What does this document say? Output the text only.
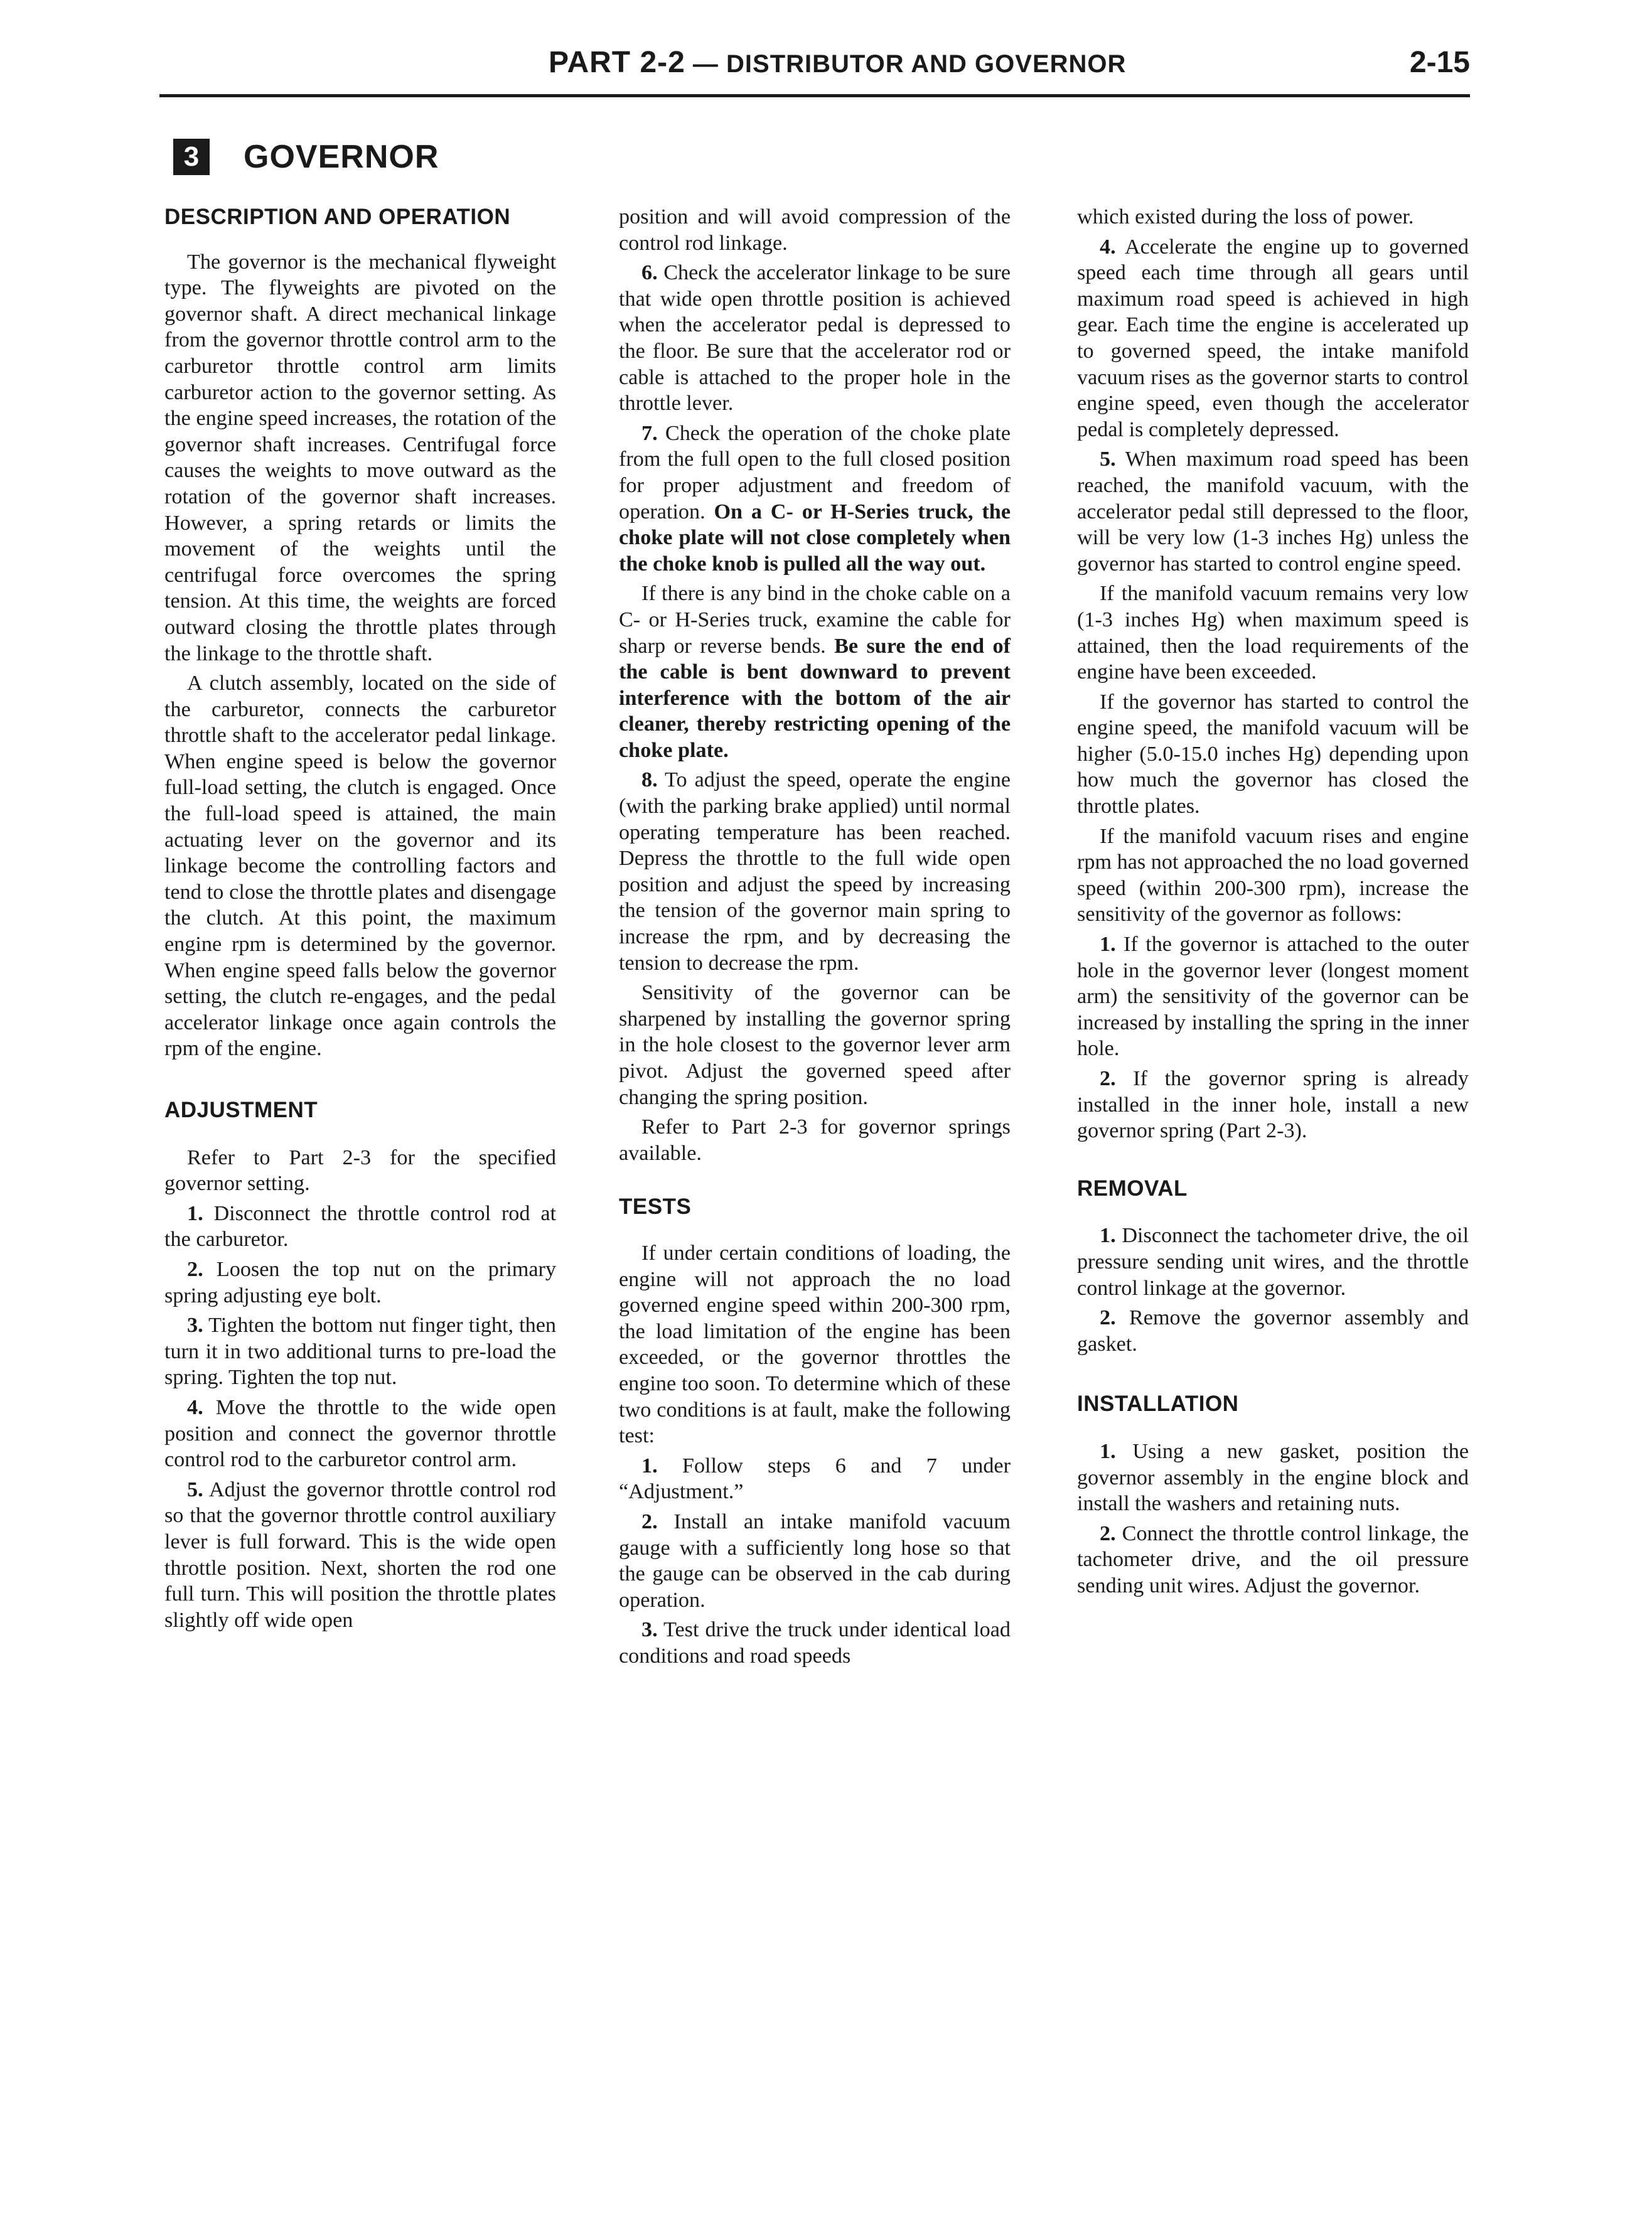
PART 2-2 — DISTRIBUTOR AND GOVERNOR	2-15
3	GOVERNOR
DESCRIPTION AND OPERATION

The governor is the mechanical flyweight type. The flyweights are pivoted on the governor shaft. A direct mechanical linkage from the governor throttle control arm to the carburetor throttle control arm limits carburetor action to the governor setting. As the engine speed increases, the rotation of the governor shaft increases. Centrifugal force causes the weights to move outward as the rotation of the governor shaft increases. However, a spring retards or limits the movement of the weights until the centrifugal force overcomes the spring tension. At this time, the weights are forced outward closing the throttle plates through the linkage to the throttle shaft.

A clutch assembly, located on the side of the carburetor, connects the carburetor throttle shaft to the accelerator pedal linkage. When engine speed is below the governor full-load setting, the clutch is engaged. Once the full-load speed is attained, the main actuating lever on the governor and its linkage become the controlling factors and tend to close the throttle plates and disengage the clutch. At this point, the maximum engine rpm is determined by the governor. When engine speed falls below the governor setting, the clutch re-engages, and the pedal accelerator linkage once again controls the rpm of the engine.

ADJUSTMENT

Refer to Part 2-3 for the specified governor setting.

1. Disconnect the throttle control rod at the carburetor.

2. Loosen the top nut on the primary spring adjusting eye bolt.

3. Tighten the bottom nut finger tight, then turn it in two additional turns to pre-load the spring. Tighten the top nut.

4. Move the throttle to the wide open position and connect the governor throttle control rod to the carburetor control arm.

5. Adjust the governor throttle control rod so that the governor throttle control auxiliary lever is full forward. This is the wide open throttle position. Next, shorten the rod one full turn. This will position the throttle plates slightly off wide open

position and will avoid compression of the control rod linkage.

6. Check the accelerator linkage to be sure that wide open throttle position is achieved when the accelerator pedal is depressed to the floor. Be sure that the accelerator rod or cable is attached to the proper hole in the throttle lever.

7. Check the operation of the choke plate from the full open to the full closed position for proper adjustment and freedom of operation. On a C- or H-Series truck, the choke plate will not close completely when the choke knob is pulled all the way out.

If there is any bind in the choke cable on a C- or H-Series truck, examine the cable for sharp or reverse bends. Be sure the end of the cable is bent downward to prevent interference with the bottom of the air cleaner, thereby restricting opening of the choke plate.

8. To adjust the speed, operate the engine (with the parking brake applied) until normal operating temperature has been reached. Depress the throttle to the full wide open position and adjust the speed by increasing the tension of the governor main spring to increase the rpm, and by decreasing the tension to decrease the rpm.

Sensitivity of the governor can be sharpened by installing the governor spring in the hole closest to the governor lever arm pivot. Adjust the governed speed after changing the spring position.

Refer to Part 2-3 for governor springs available.

TESTS

If under certain conditions of loading, the engine will not approach the no load governed engine speed within 200-300 rpm, the load limitation of the engine has been exceeded, or the governor throttles the engine too soon. To determine which of these two conditions is at fault, make the following test:

1. Follow steps 6 and 7 under “Adjustment.”

2. Install an intake manifold vacuum gauge with a sufficiently long hose so that the gauge can be observed in the cab during operation.

3. Test drive the truck under identical load conditions and road speeds

which existed during the loss of power.

4. Accelerate the engine up to governed speed each time through all gears until maximum road speed is achieved in high gear. Each time the engine is accelerated up to governed speed, the intake manifold vacuum rises as the governor starts to control engine speed, even though the accelerator pedal is completely depressed.

5. When maximum road speed has been reached, the manifold vacuum, with the accelerator pedal still depressed to the floor, will be very low (1-3 inches Hg) unless the governor has started to control engine speed.

If the manifold vacuum remains very low (1-3 inches Hg) when maximum speed is attained, then the load requirements of the engine have been exceeded.

If the governor has started to control the engine speed, the manifold vacuum will be higher (5.0-15.0 inches Hg) depending upon how much the governor has closed the throttle plates.

If the manifold vacuum rises and engine rpm has not approached the no load governed speed (within 200-300 rpm), increase the sensitivity of the governor as follows:

1. If the governor is attached to the outer hole in the governor lever (longest moment arm) the sensitivity of the governor can be increased by installing the spring in the inner hole.

2. If the governor spring is already installed in the inner hole, install a new governor spring (Part 2-3).

REMOVAL

1. Disconnect the tachometer drive, the oil pressure sending unit wires, and the throttle control linkage at the governor.

2. Remove the governor assembly and gasket.

INSTALLATION

1. Using a new gasket, position the governor assembly in the engine block and install the washers and retaining nuts.

2. Connect the throttle control linkage, the tachometer drive, and the oil pressure sending unit wires. Adjust the governor.
